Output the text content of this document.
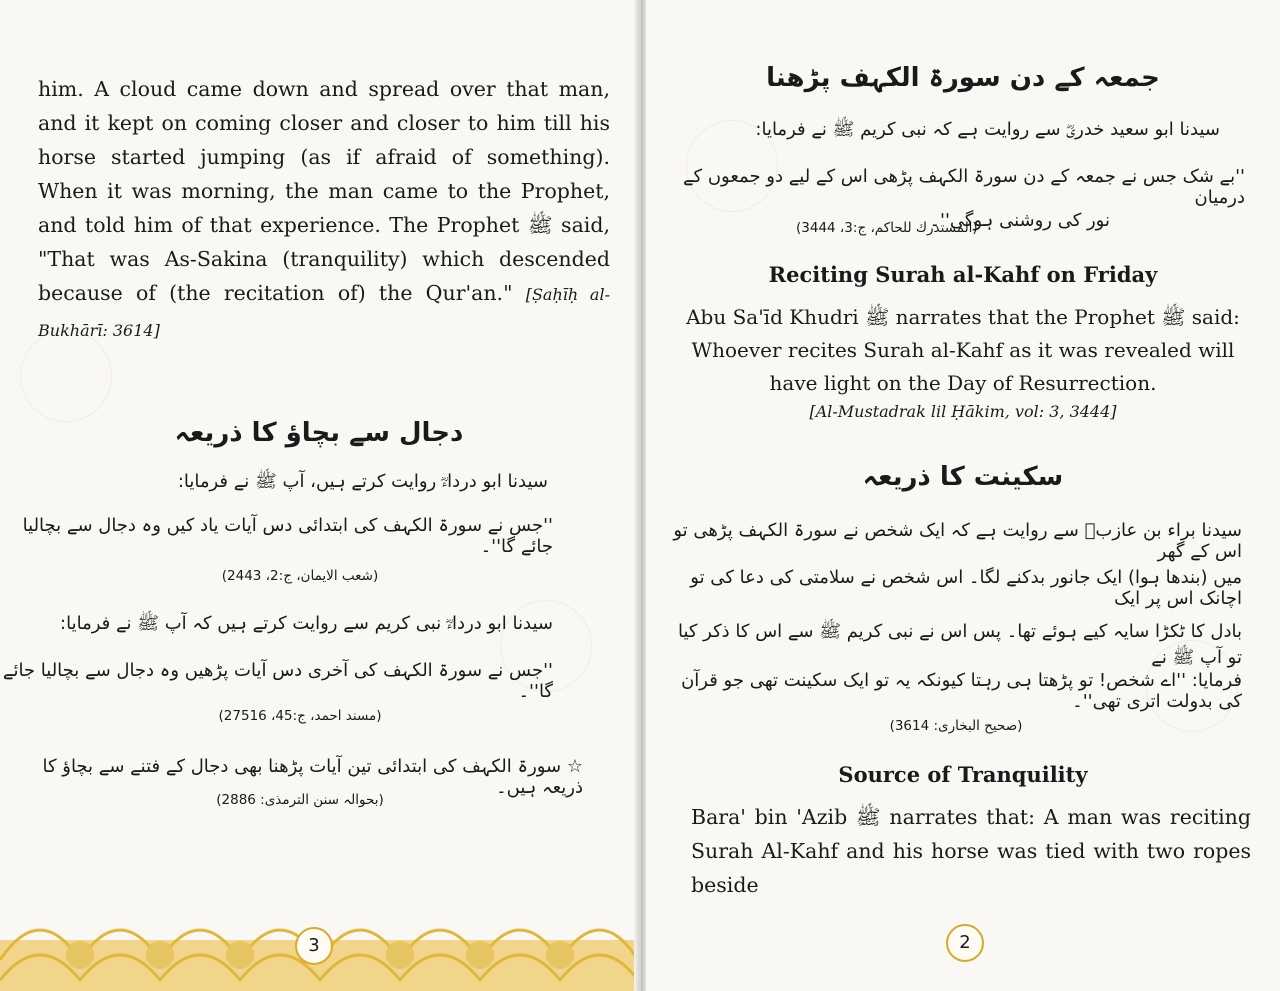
him. A cloud came down and spread over that man, and it kept on coming closer and closer to him till his horse started jumping (as if afraid of something). When it was morning, the man came to the Prophet, and told him of that experience. The Prophet ﷺ said, "That was As-Sakina (tranquility) which descended because of (the recitation of) the Qur'an." [Ṣaḥīḥ al-Bukhārī: 3614]
دجال سے بچاؤ کا ذریعہ
سیدنا ابو درداءؓ روایت کرتے ہیں، آپ ﷺ نے فرمایا:
''جس نے سورۃ الکہف کی ابتدائی دس آیات یاد کیں وہ دجال سے بچالیا جائے گا''۔
(شعب الایمان، ج:2، 2443)
سیدنا ابو درداءؓ نبی کریم سے روایت کرتے ہیں کہ آپ ﷺ نے فرمایا:
''جس نے سورۃ الکہف کی آخری دس آیات پڑھیں وہ دجال سے بچالیا جائے گا''۔
(مسند احمد، ج:45، 27516)
☆ سورۃ الکہف کی ابتدائی تین آیات پڑھنا بھی دجال کے فتنے سے بچاؤ کا ذریعہ ہیں۔
(بحوالہ سنن الترمذی: 2886)
3
جمعہ کے دن سورۃ الکہف پڑھنا
سیدنا ابو سعید خدریؓ سے روایت ہے کہ نبی کریم ﷺ نے فرمایا:
''بے شک جس نے جمعہ کے دن سورۃ الکہف پڑھی اس کے لیے دو جمعوں کے درمیان
نور کی روشنی ہوگی''۔
(المستدرك للحاكم، ج:3، 3444)
Reciting Surah al-Kahf on Friday
Abu Sa'īd Khudri ﷺ narrates that the Prophet ﷺ said:
Whoever recites Surah al-Kahf as it was revealed will
have light on the Day of Resurrection.
[Al-Mustadrak lil Ḥākim, vol: 3, 3444]
سکینت کا ذریعہ
سیدنا براء بن عازبؓ سے روایت ہے کہ ایک شخص نے سورۃ الکہف پڑھی تو اس کے گھر
میں (بندھا ہوا) ایک جانور بدکنے لگا۔ اس شخص نے سلامتی کی دعا کی تو اچانک اس پر ایک
بادل کا ٹکڑا سایہ کیے ہوئے تھا۔ پس اس نے نبی کریم ﷺ سے اس کا ذکر کیا تو آپ ﷺ نے
فرمایا: ''اے شخص! تو پڑھتا ہی رہتا کیونکہ یہ تو ایک سکینت تھی جو قرآن کی بدولت اتری تھی''۔
(صحیح البخاری: 3614)
Source of Tranquility
Bara' bin 'Azib ﷺ narrates that: A man was reciting Surah Al-Kahf and his horse was tied with two ropes beside
2
